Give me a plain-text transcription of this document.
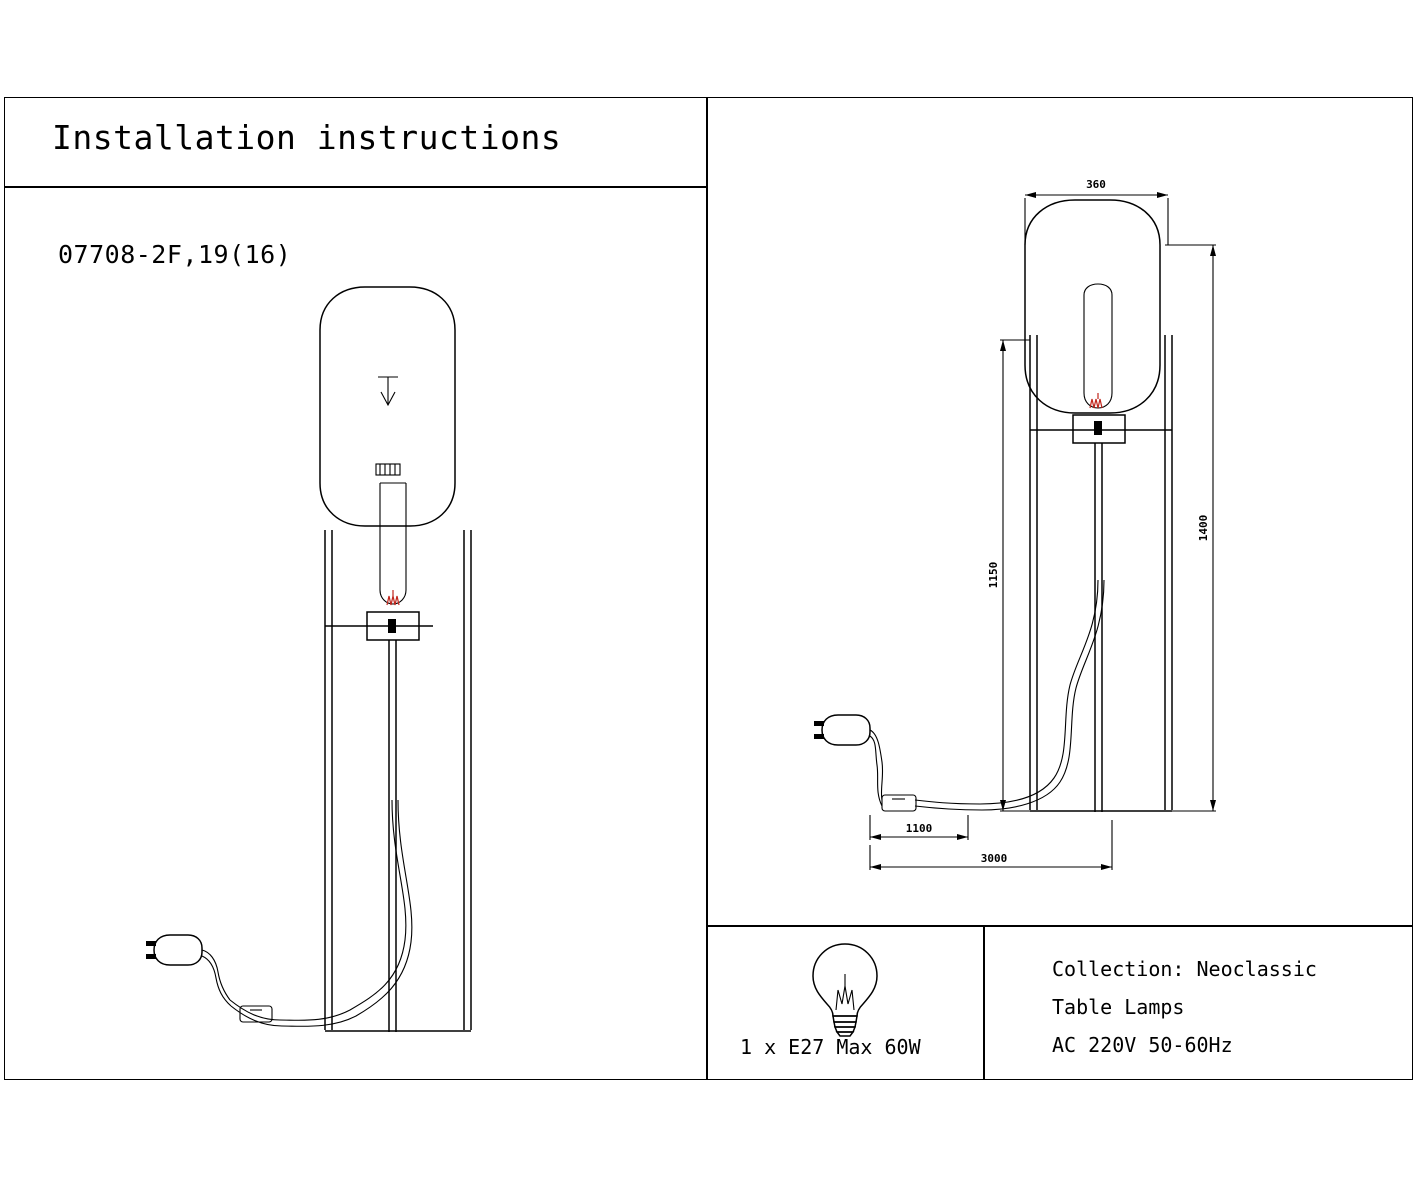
Installation instructions
07708-2F,19(16)
360
1400
1150
1100
3000
1 x E27 Max 60W
Collection: Neoclassic
Table Lamps
AC 220V 50-60Hz
